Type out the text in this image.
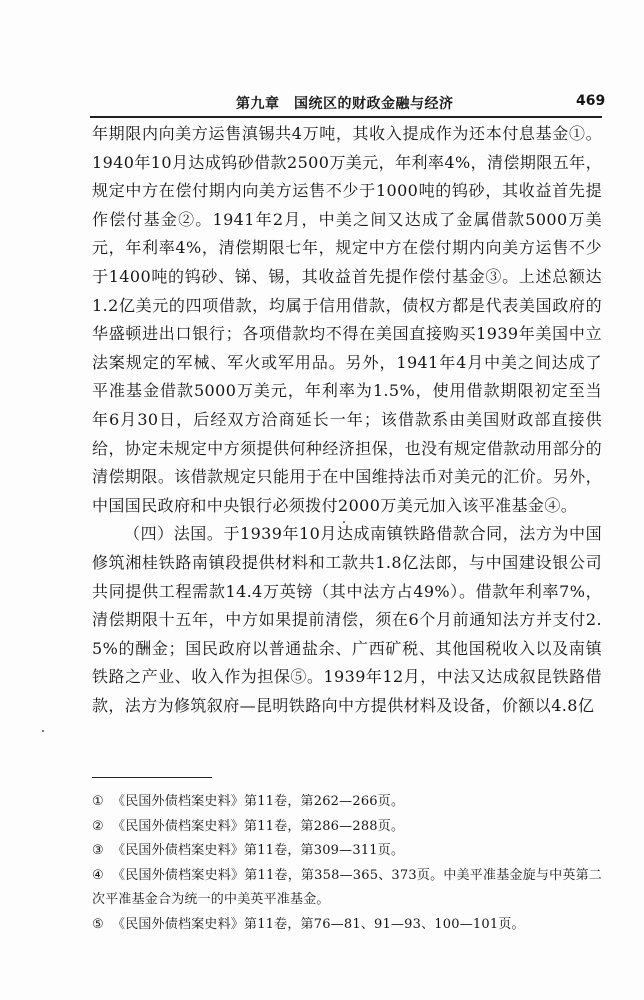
第九章　国统区的财政金融与经济	469

年期限内向美方运售滇锡共4万吨，其收入提成作为还本付息基金①。1940年10月达成钨砂借款2500万美元，年利率4%，清偿期限五年，规定中方在偿付期内向美方运售不少于1000吨的钨砂，其收益首先提作偿付基金②。1941年2月，中美之间又达成了金属借款5000万美元，年利率4%，清偿期限七年，规定中方在偿付期内向美方运售不少于1400吨的钨砂、锑、锡，其收益首先提作偿付基金③。上述总额达1.2亿美元的四项借款，均属于信用借款，债权方都是代表美国政府的华盛顿进出口银行；各项借款均不得在美国直接购买1939年美国中立法案规定的军械、军火或军用品。另外，1941年4月中美之间达成了平准基金借款5000万美元，年利率为1.5%，使用借款期限初定至当年6月30日，后经双方洽商延长一年；该借款系由美国财政部直接供给，协定未规定中方须提供何种经济担保，也没有规定借款动用部分的清偿期限。该借款规定只能用于在中国维持法币对美元的汇价。另外，中国国民政府和中央银行必须拨付2000万美元加入该平准基金④。

（四）法国。于1939年10月达成南镇铁路借款合同，法方为中国修筑湘桂铁路南镇段提供材料和工款共1.8亿法郎，与中国建设银公司共同提供工程需款14.4万英镑（其中法方占49%）。借款年利率7%，清偿期限十五年，中方如果提前清偿，须在6个月前通知法方并支付2.5%的酬金；国民政府以普通盐余、广西矿税、其他国税收入以及南镇铁路之产业、收入作为担保⑤。1939年12月，中法又达成叙昆铁路借款，法方为修筑叙府—昆明铁路向中方提供材料及设备，价额以4.8亿

① 《民国外债档案史料》第11卷，第262—266页。
② 《民国外债档案史料》第11卷，第286—288页。
③ 《民国外债档案史料》第11卷，第309—311页。
④ 《民国外债档案史料》第11卷，第358—365、373页。中美平准基金旋与中英第二次平准基金合为统一的中美英平准基金。
⑤ 《民国外债档案史料》第11卷，第76—81、91—93、100—101页。
